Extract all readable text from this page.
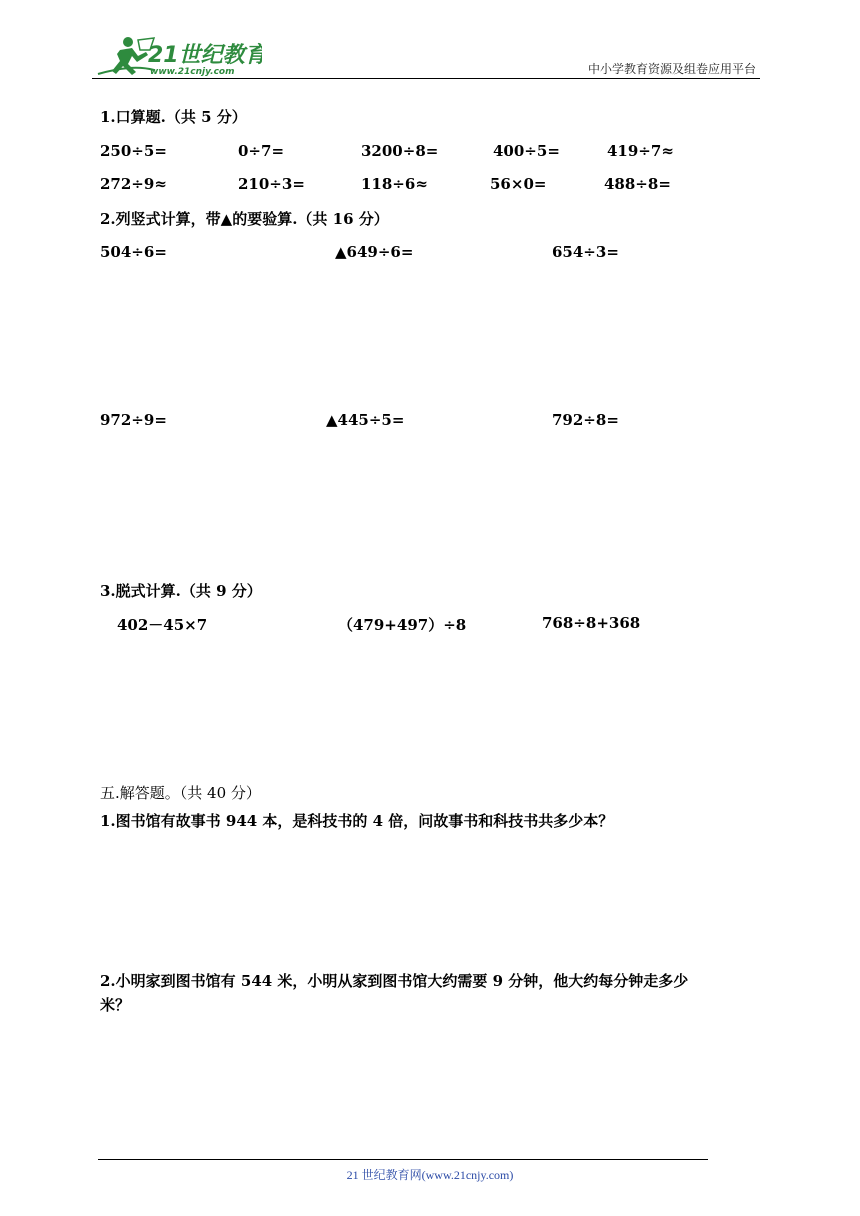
21世纪教育
www.21cnjy.com	中小学教育资源及组卷应用平台
1.口算题.（共 5 分）
250÷5=	0÷7=	3200÷8=	400÷5=	419÷7≈
272÷9≈	210÷3=	118÷6≈	56×0=	488÷8=
2.列竖式计算，带▲的要验算.（共 16 分）
504÷6=	▲649÷6=	654÷3=
972÷9=	▲445÷5=	792÷8=
3.脱式计算.（共 9 分）
402－45×7	（479+497）÷8	768÷8+368
五.解答题。（共 40 分）
1.图书馆有故事书 944 本，是科技书的 4 倍，问故事书和科技书共多少本？
2.小明家到图书馆有 544 米，小明从家到图书馆大约需要 9 分钟，他大约每分钟走多少
米？
21 世纪教育网(www.21cnjy.com)
